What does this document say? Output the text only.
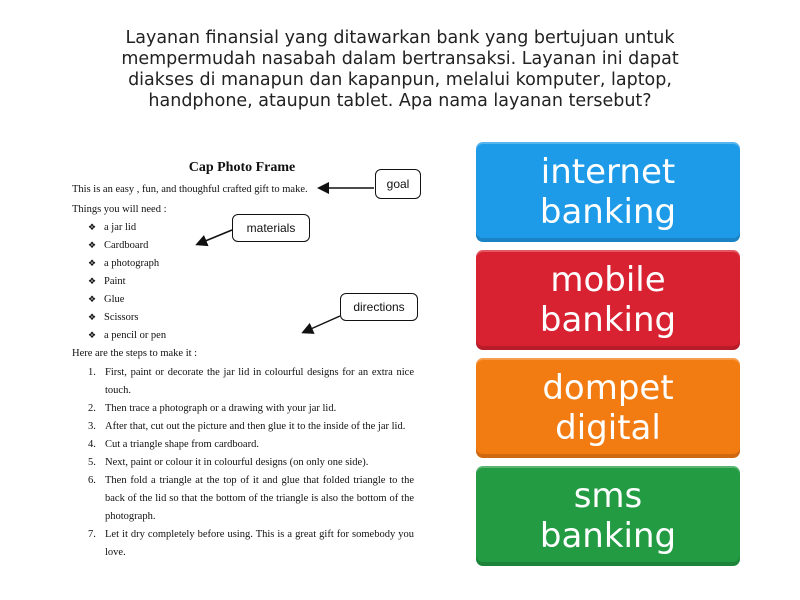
Layanan finansial yang ditawarkan bank yang bertujuan untuk

mempermudah nasabah dalam bertransaksi. Layanan ini dapat

diakses di manapun dan kapanpun, melalui komputer, laptop,

handphone, ataupun tablet. Apa nama layanan tersebut?

Cap Photo Frame
This is an easy , fun, and thoughful crafted gift to make.
Things you will need :
❖ a jar lid
❖ Cardboard
❖ a photograph
❖ Paint
❖ Glue
❖ Scissors
❖ a pencil or pen
Here are the steps to make it :
1. First, paint or decorate the jar lid in colourful designs for an extra nice touch.
2. Then trace a photograph or a drawing with your jar lid.
3. After that, cut out the picture and then glue it to the inside of the jar lid.
4. Cut a triangle shape from cardboard.
5. Next, paint or colour it in colourful designs (on only one side).
6. Then fold a triangle at the top of it and glue that folded triangle to the back of the lid so that the bottom of the triangle is also the bottom of the photograph.
7. Let it dry completely before using. This is a great gift for somebody you love.
goal
materials
directions
internet
banking
mobile
banking
dompet
digital
sms
banking
